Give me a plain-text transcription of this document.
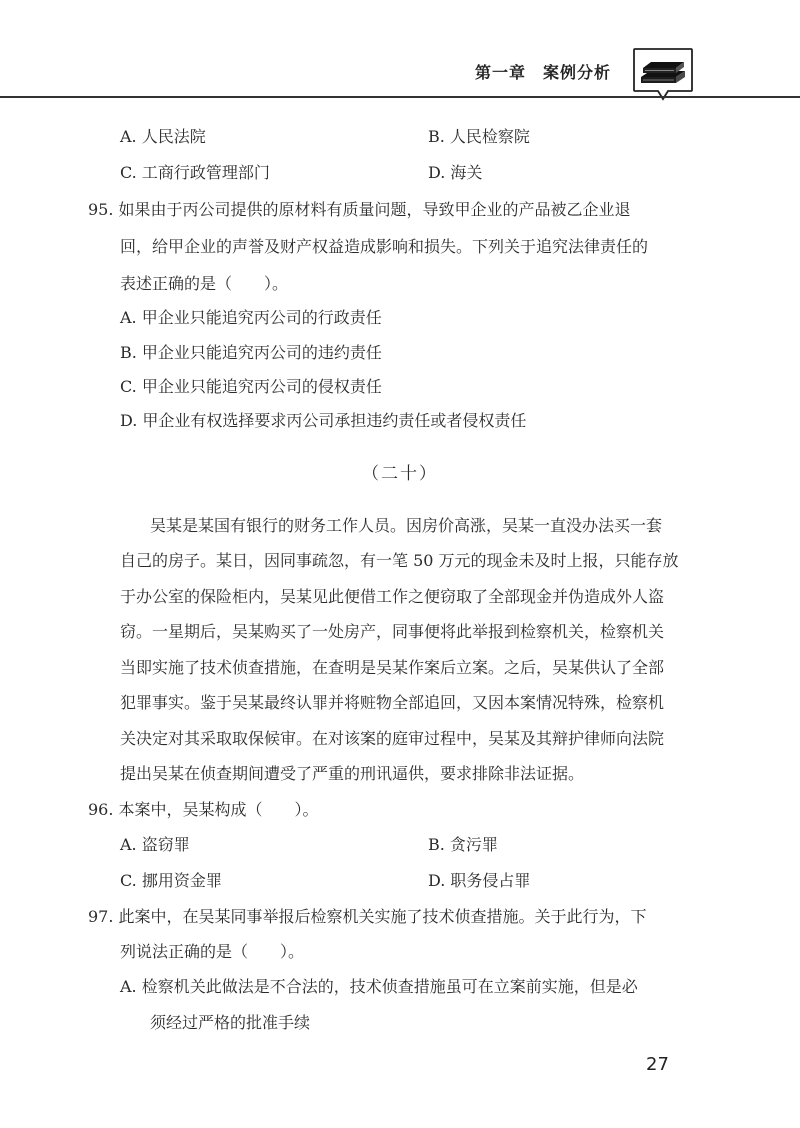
第一章　案例分析
A. 人民法院	B. 人民检察院
C. 工商行政管理部门	D. 海关
95. 如果由于丙公司提供的原材料有质量问题，导致甲企业的产品被乙企业退
回，给甲企业的声誉及财产权益造成影响和损失。下列关于追究法律责任的
表述正确的是（　　）。
A. 甲企业只能追究丙公司的行政责任
B. 甲企业只能追究丙公司的违约责任
C. 甲企业只能追究丙公司的侵权责任
D. 甲企业有权选择要求丙公司承担违约责任或者侵权责任
（二十）
吴某是某国有银行的财务工作人员。因房价高涨，吴某一直没办法买一套
自己的房子。某日，因同事疏忽，有一笔 50 万元的现金未及时上报，只能存放
于办公室的保险柜内，吴某见此便借工作之便窃取了全部现金并伪造成外人盗
窃。一星期后，吴某购买了一处房产，同事便将此举报到检察机关，检察机关
当即实施了技术侦查措施，在查明是吴某作案后立案。之后，吴某供认了全部
犯罪事实。鉴于吴某最终认罪并将赃物全部追回，又因本案情况特殊，检察机
关决定对其采取取保候审。在对该案的庭审过程中，吴某及其辩护律师向法院
提出吴某在侦查期间遭受了严重的刑讯逼供，要求排除非法证据。
96. 本案中，吴某构成（　　）。
A. 盗窃罪	B. 贪污罪
C. 挪用资金罪	D. 职务侵占罪
97. 此案中，在吴某同事举报后检察机关实施了技术侦查措施。关于此行为，下
列说法正确的是（　　）。
A. 检察机关此做法是不合法的，技术侦查措施虽可在立案前实施，但是必
须经过严格的批准手续
27
